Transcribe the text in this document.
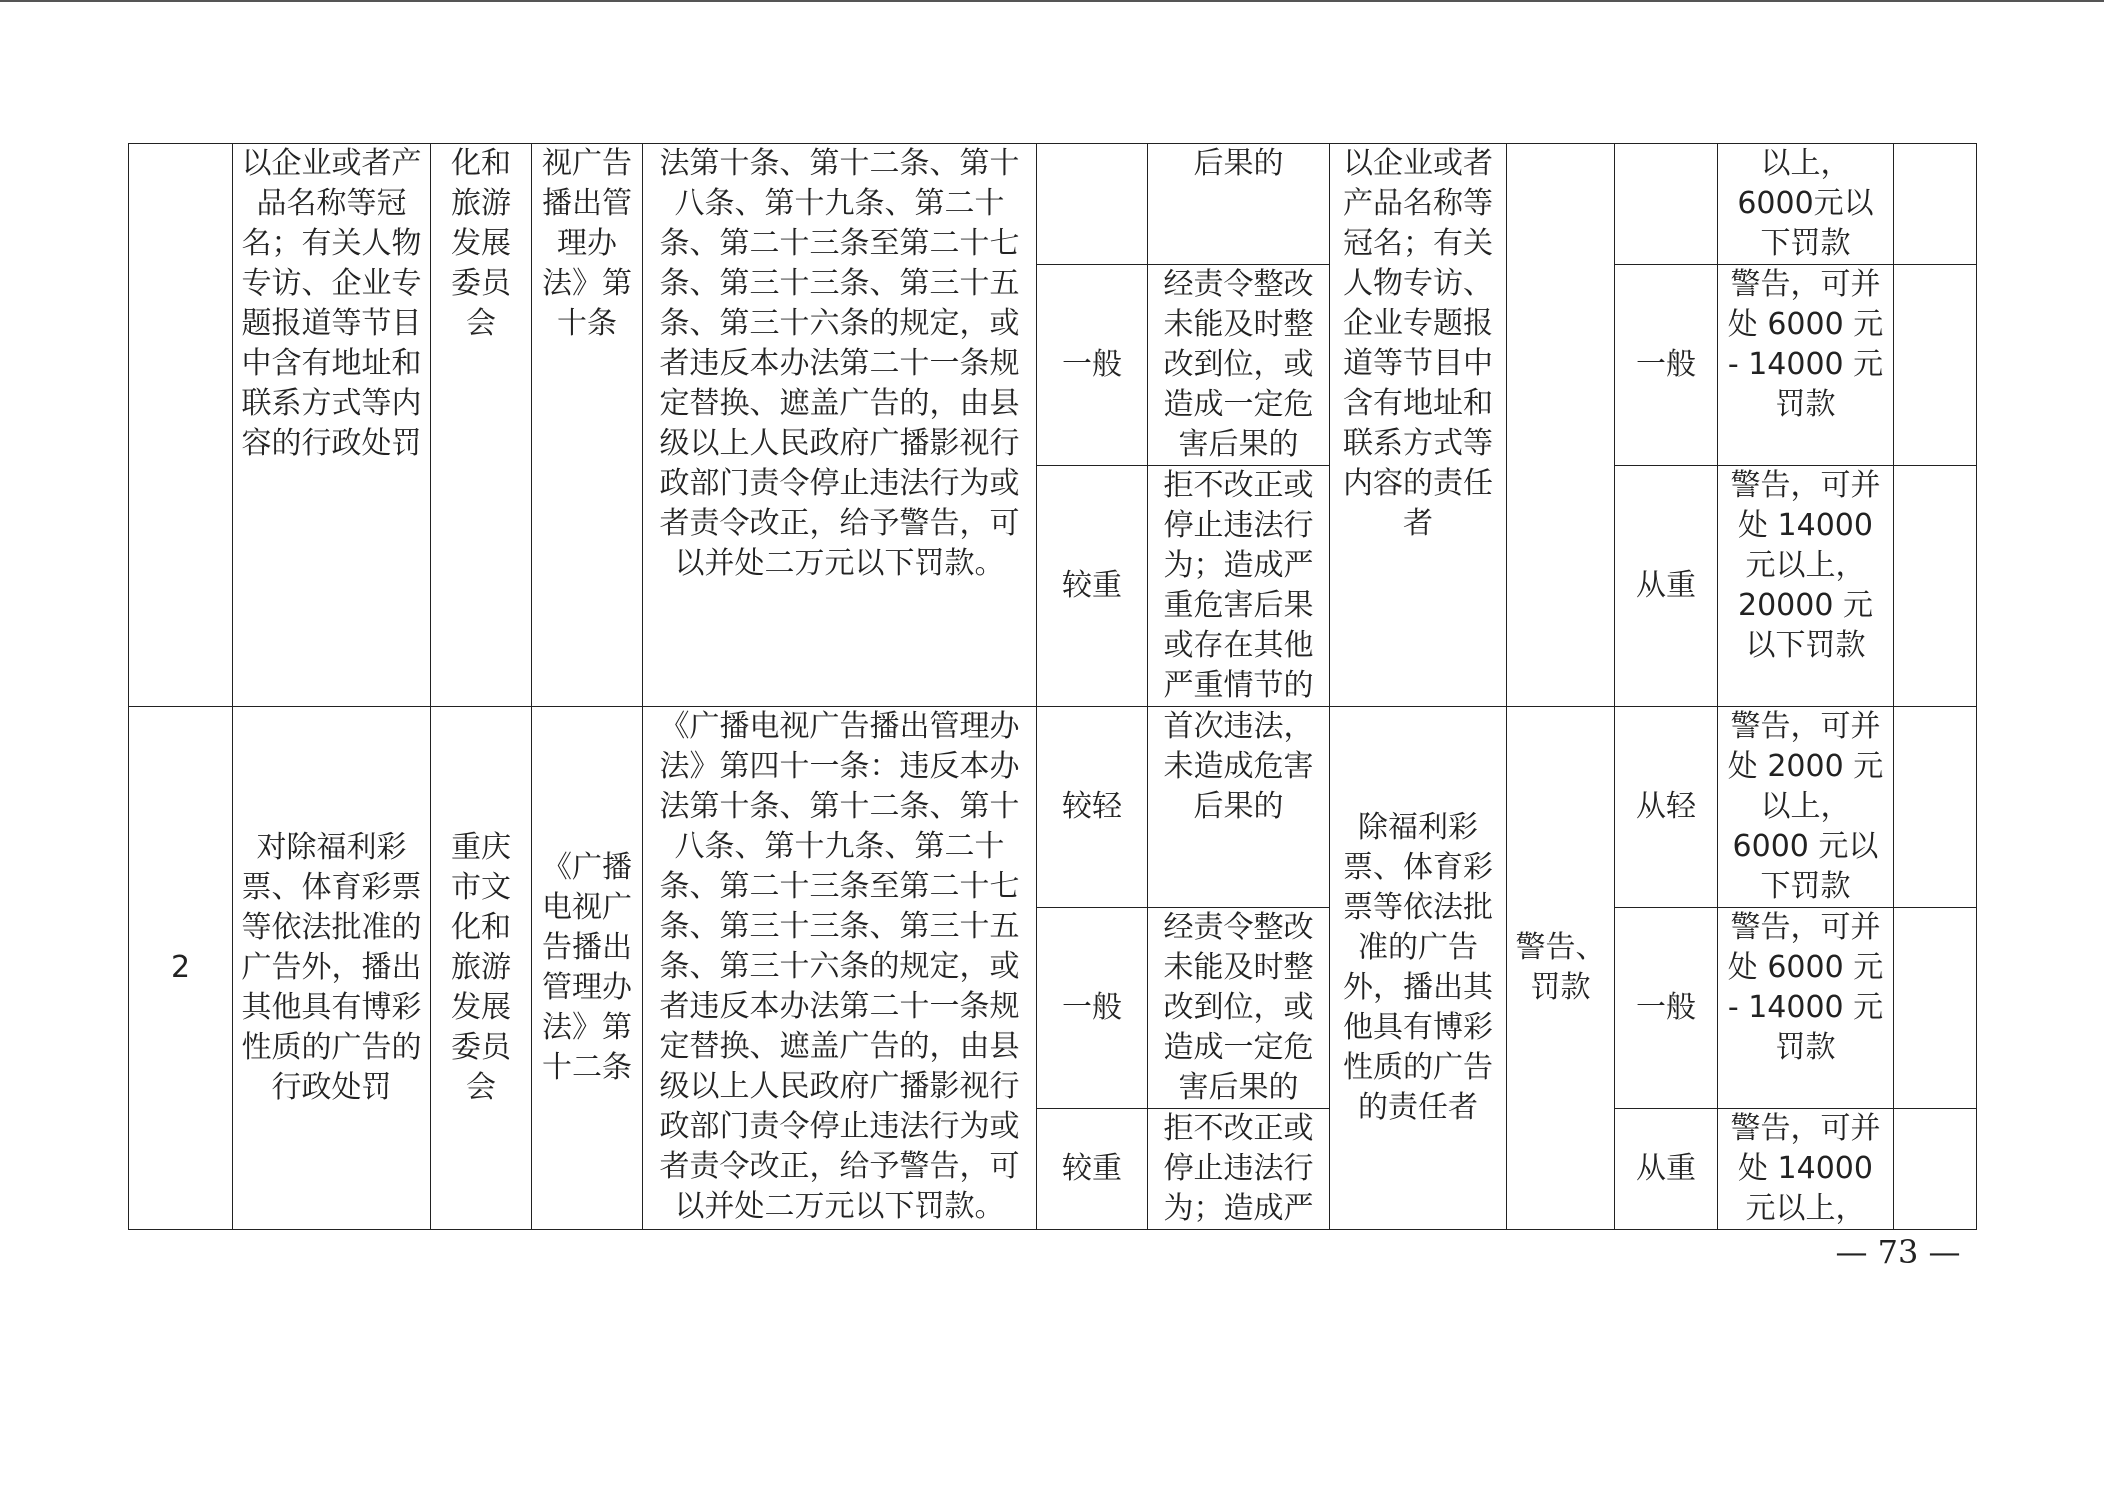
	以企业或者产品名称等冠名；有关人物专访、企业专题报道等节目中含有地址和联系方式等内容的行政处罚	化和旅游发展委员会	视广告播出管理办法》第十条	法第十条、第十二条、第十八条、第十九条、第二十条、第二十三条至第二十七条、第三十三条、第三十五条、第三十六条的规定，或者违反本办法第二十一条规定替换、遮盖广告的，由县级以上人民政府广播影视行政部门责令停止违法行为或者责令改正，给予警告，可以并处二万元以下罚款。		后果的	以企业或者产品名称等冠名；有关人物专访、企业专题报道等节目中含有地址和联系方式等内容的责任者			以上，6000元以下罚款	
					一般	经责令整改未能及时整改到位，或造成一定危害后果的			一般	警告，可并处 6000 元 - 14000 元罚款	
					较重	拒不改正或停止违法行为；造成严重危害后果或存在其他严重情节的			从重	警告，可并处 14000 元以上，20000 元以下罚款	
2	对除福利彩票、体育彩票等依法批准的广告外，播出其他具有博彩性质的广告的行政处罚	重庆市文化和旅游发展委员会	《广播电视广告播出管理办法》第十二条	《广播电视广告播出管理办法》第四十一条：违反本办法第十条、第十二条、第十八条、第十九条、第二十条、第二十三条至第二十七条、第三十三条、第三十五条、第三十六条的规定，或者违反本办法第二十一条规定替换、遮盖广告的，由县级以上人民政府广播影视行政部门责令停止违法行为或者责令改正，给予警告，可以并处二万元以下罚款。	较轻	首次违法，未造成危害后果的	除福利彩票、体育彩票等依法批准的广告外，播出其他具有博彩性质的广告的责任者	警告、罚款	从轻	警告，可并处 2000 元以上，6000 元以下罚款	
					一般	经责令整改未能及时整改到位，或造成一定危害后果的			一般	警告，可并处 6000 元 - 14000 元罚款	
					较重	拒不改正或停止违法行为；造成严			从重	警告，可并处 14000 元以上，	
— 73 —
